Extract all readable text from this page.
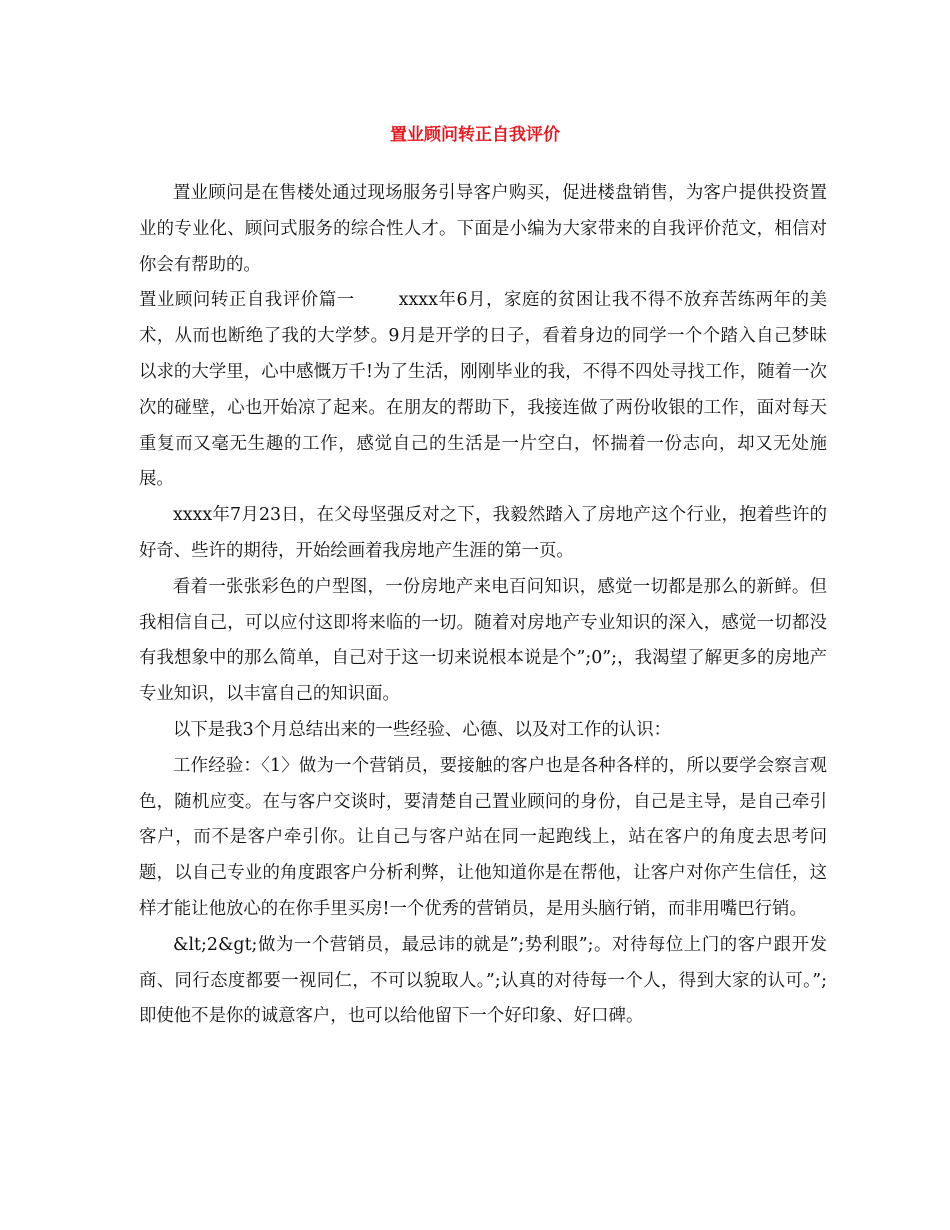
置业顾问转正自我评价

置业顾问是在售楼处通过现场服务引导客户购买，促进楼盘销售，为客户提供投资置业的专业化、顾问式服务的综合性人才。下面是小编为大家带来的自我评价范文，相信对你会有帮助的。

置业顾问转正自我评价篇一	xxxx年6月，家庭的贫困让我不得不放弃苦练两年的美术，从而也断绝了我的大学梦。9月是开学的日子，看着身边的同学一个个踏入自己梦昧以求的大学里，心中感慨万千!为了生活，刚刚毕业的我，不得不四处寻找工作，随着一次次的碰壁，心也开始凉了起来。在朋友的帮助下，我接连做了两份收银的工作，面对每天重复而又毫无生趣的工作，感觉自己的生活是一片空白，怀揣着一份志向，却又无处施展。

xxxx年7月23日，在父母坚强反对之下，我毅然踏入了房地产这个行业，抱着些许的好奇、些许的期待，开始绘画着我房地产生涯的第一页。

看着一张张彩色的户型图，一份房地产来电百问知识，感觉一切都是那么的新鲜。但我相信自己，可以应付这即将来临的一切。随着对房地产专业知识的深入，感觉一切都没有我想象中的那么简单，自己对于这一切来说根本说是个”;0”;，我渴望了解更多的房地产专业知识，以丰富自己的知识面。

以下是我3个月总结出来的一些经验、心德、以及对工作的认识：

工作经验：〈1〉做为一个营销员，要接触的客户也是各种各样的，所以要学会察言观色，随机应变。在与客户交谈时，要清楚自己置业顾问的身份，自己是主导，是自己牵引客户，而不是客户牵引你。让自己与客户站在同一起跑线上，站在客户的角度去思考问题，以自己专业的角度跟客户分析利弊，让他知道你是在帮他，让客户对你产生信任，这样才能让他放心的在你手里买房!一个优秀的营销员，是用头脑行销，而非用嘴巴行销。

&lt;2&gt;做为一个营销员，最忌讳的就是”;势利眼”;。对待每位上门的客户跟开发商、同行态度都要一视同仁，不可以貌取人。”;认真的对待每一个人，得到大家的认可。”;即使他不是你的诚意客户，也可以给他留下一个好印象、好口碑。
